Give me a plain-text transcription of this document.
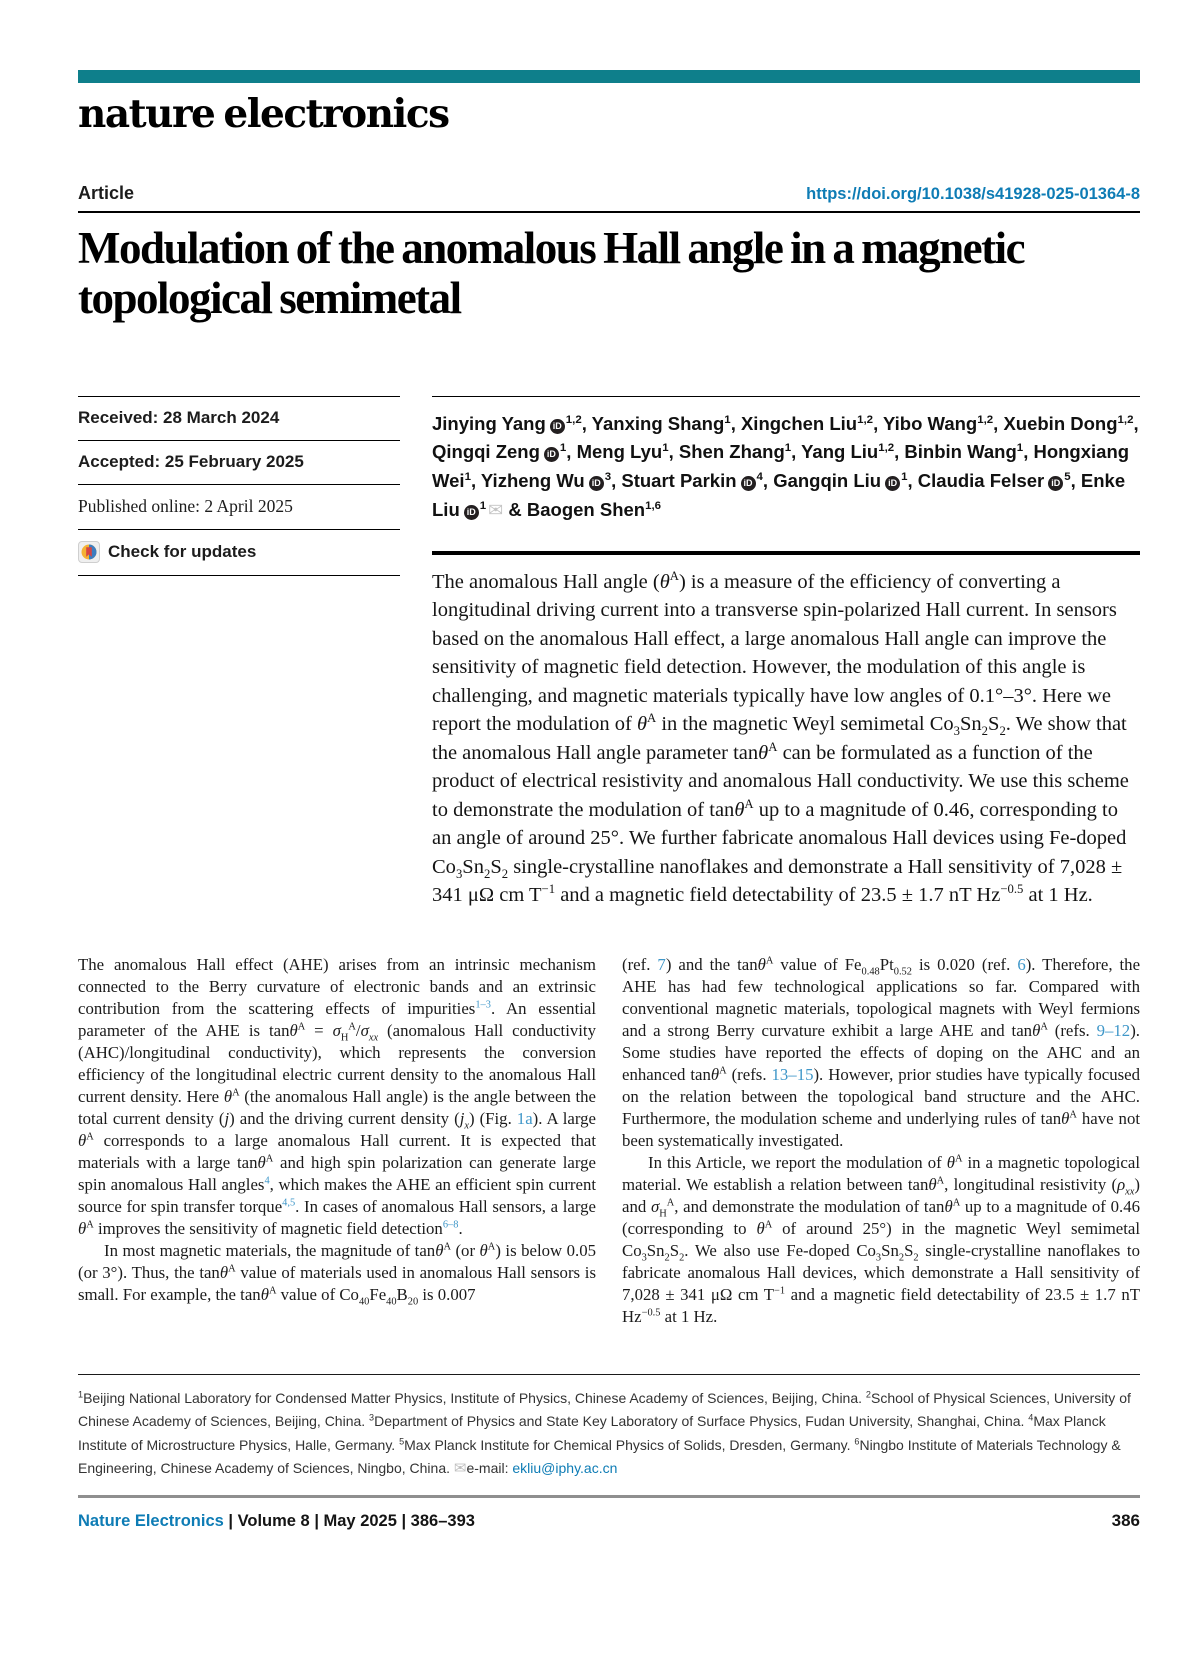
nature electronics
Article	https://doi.org/10.1038/s41928-025-01364-8
Modulation of the anomalous Hall angle in a magnetic topological semimetal
Received: 28 March 2024
Accepted: 25 February 2025
Published online: 2 April 2025
Check for updates
Jinying Yang iD$^{1,2}$, Yanxing Shang$^1$, Xingchen Liu$^{1,2}$, Yibo Wang$^{1,2}$, Xuebin Dong$^{1,2}$, Qingqi Zeng $iD^1$, Meng Lyu$^1$, Shen Zhang$^1$, Yang Liu$^{1,2}$, Binbin Wang$^1$, Hongxiang Wei$^1$, Yizheng Wu $iD^3$, Stuart Parkin $iD^4$, Gangqin Liu $iD^1$, Claudia Felser $iD^5$, Enke Liu $iD^1$ ✉ & Baogen Shen$^{1,6}$
The anomalous Hall angle $(\theta^A)$ is a measure of the efficiency of converting a longitudinal driving current into a transverse spin-polarized Hall current. In sensors based on the anomalous Hall effect, a large anomalous Hall angle can improve the sensitivity of magnetic field detection. However, the modulation of this angle is challenging, and magnetic materials typically have low angles of 0.1°–3°. Here we report the modulation of $\theta^A$ in the magnetic Weyl semimetal $Co_3Sn_2S_2$. We show that the anomalous Hall angle parameter tanθ$^A$ can be formulated as a function of the product of electrical resistivity and anomalous Hall conductivity. We use this scheme to demonstrate the modulation of tanθ$^A$ up to a magnitude of 0.46, corresponding to an angle of around 25°. We further fabricate anomalous Hall devices using Fe-doped $Co_3Sn_2S_2$ single-crystalline nanoflakes and demonstrate a Hall sensitivity of 7,028 ± 341 μΩ cm $T^{-1}$ and a magnetic field detectability of 23.5 ± 1.7 nT $Hz^{-0.5}$ at 1 Hz.

The anomalous Hall effect (AHE) arises from an intrinsic mechanism connected to the Berry curvature of electronic bands and an extrinsic contribution from the scattering effects of impurities$^{1-3}$. An essential parameter of the AHE is $\tan\theta^A = \sigma_H^A/\sigma_{xx}$ (anomalous Hall conductivity (AHC)/longitudinal conductivity), which represents the conversion efficiency of the longitudinal electric current density to the anomalous Hall current density. Here $\theta^A$ (the anomalous Hall angle) is the angle between the total current density (j) and the driving current density $(j_x)$ (Fig. 1a). A large $\theta^A$ corresponds to a large anomalous Hall current. It is expected that materials with a large tanθ$^A$ and high spin polarization can generate large spin anomalous Hall angles$^4$, which makes the AHE an efficient spin current source for spin transfer torque$^{4,5}$. In cases of anomalous Hall sensors, a large $\theta^A$ improves the sensitivity of magnetic field detection$^{6-8}$.

In most magnetic materials, the magnitude of tanθ$^A$ (or $\theta^A$) is below 0.05 (or 3°). Thus, the tanθ$^A$ value of materials used in anomalous Hall sensors is small. For example, the tanθ$^A$ value of $Co_{40}Fe_{40}B_{20}$ is 0.007

(ref. 7) and the tanθ$^A$ value of $Fe_{0.48}Pt_{0.52}$ is 0.020 (ref. 6). Therefore, the AHE has had few technological applications so far. Compared with conventional magnetic materials, topological magnets with Weyl fermions and a strong Berry curvature exhibit a large AHE and tanθ$^A$ (refs. 9–12). Some studies have reported the effects of doping on the AHC and an enhanced tanθ$^A$ (refs. 13–15). However, prior studies have typically focused on the relation between the topological band structure and the AHC. Furthermore, the modulation scheme and underlying rules of tanθ$^A$ have not been systematically investigated.

In this Article, we report the modulation of $\theta^A$ in a magnetic topological material. We establish a relation between tanθ$^A$, longitudinal resistivity $(\rho_{xx})$ and $\sigma_H^A$, and demonstrate the modulation of tanθ$^A$ up to a magnitude of 0.46 (corresponding to $\theta^A$ of around 25°) in the magnetic Weyl semimetal $Co_3Sn_2S_2$. We also use Fe-doped $Co_3Sn_2S_2$ single-crystalline nanoflakes to fabricate anomalous Hall devices, which demonstrate a Hall sensitivity of 7,028 ± 341 μΩ cm $T^{-1}$ and a magnetic field detectability of 23.5 ± 1.7 nT $Hz^{-0.5}$ at 1 Hz.

$^1$Beijing National Laboratory for Condensed Matter Physics, Institute of Physics, Chinese Academy of Sciences, Beijing, China. $^2$School of Physical Sciences, University of Chinese Academy of Sciences, Beijing, China. $^3$Department of Physics and State Key Laboratory of Surface Physics, Fudan University, Shanghai, China. $^4$Max Planck Institute of Microstructure Physics, Halle, Germany. $^5$Max Planck Institute for Chemical Physics of Solids, Dresden, Germany. $^6$Ningbo Institute of Materials Technology & Engineering, Chinese Academy of Sciences, Ningbo, China. ✉e-mail: ekliu@iphy.ac.cn
Nature Electronics | Volume 8 | May 2025 | 386–393	386
